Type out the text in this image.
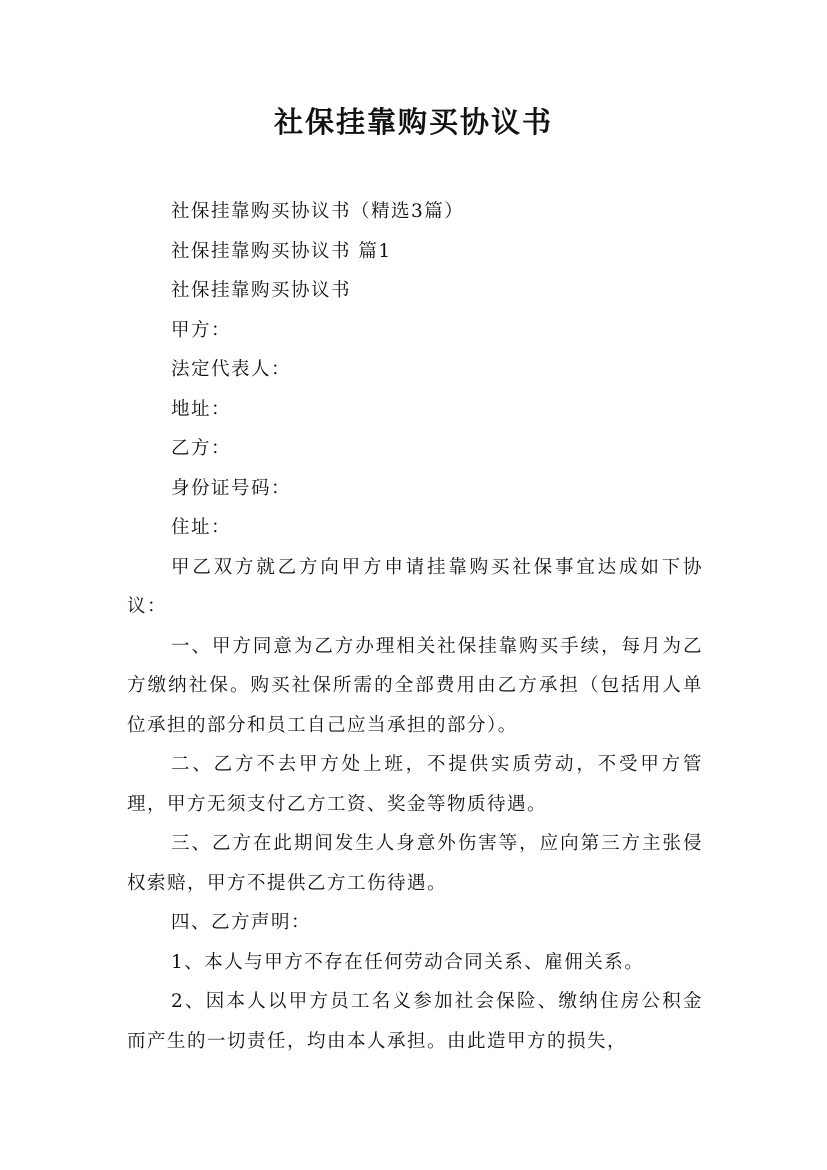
社保挂靠购买协议书

社保挂靠购买协议书（精选3篇）

社保挂靠购买协议书 篇1

社保挂靠购买协议书

甲方：

法定代表人：

地址：

乙方：

身份证号码：

住址：

甲乙双方就乙方向甲方申请挂靠购买社保事宜达成如下协议：

一、甲方同意为乙方办理相关社保挂靠购买手续，每月为乙方缴纳社保。购买社保所需的全部费用由乙方承担（包括用人单位承担的部分和员工自己应当承担的部分）。

二、乙方不去甲方处上班，不提供实质劳动，不受甲方管理，甲方无须支付乙方工资、奖金等物质待遇。

三、乙方在此期间发生人身意外伤害等，应向第三方主张侵权索赔，甲方不提供乙方工伤待遇。

四、乙方声明：

1、本人与甲方不存在任何劳动合同关系、雇佣关系。

2、因本人以甲方员工名义参加社会保险、缴纳住房公积金而产生的一切责任，均由本人承担。由此造甲方的损失，
